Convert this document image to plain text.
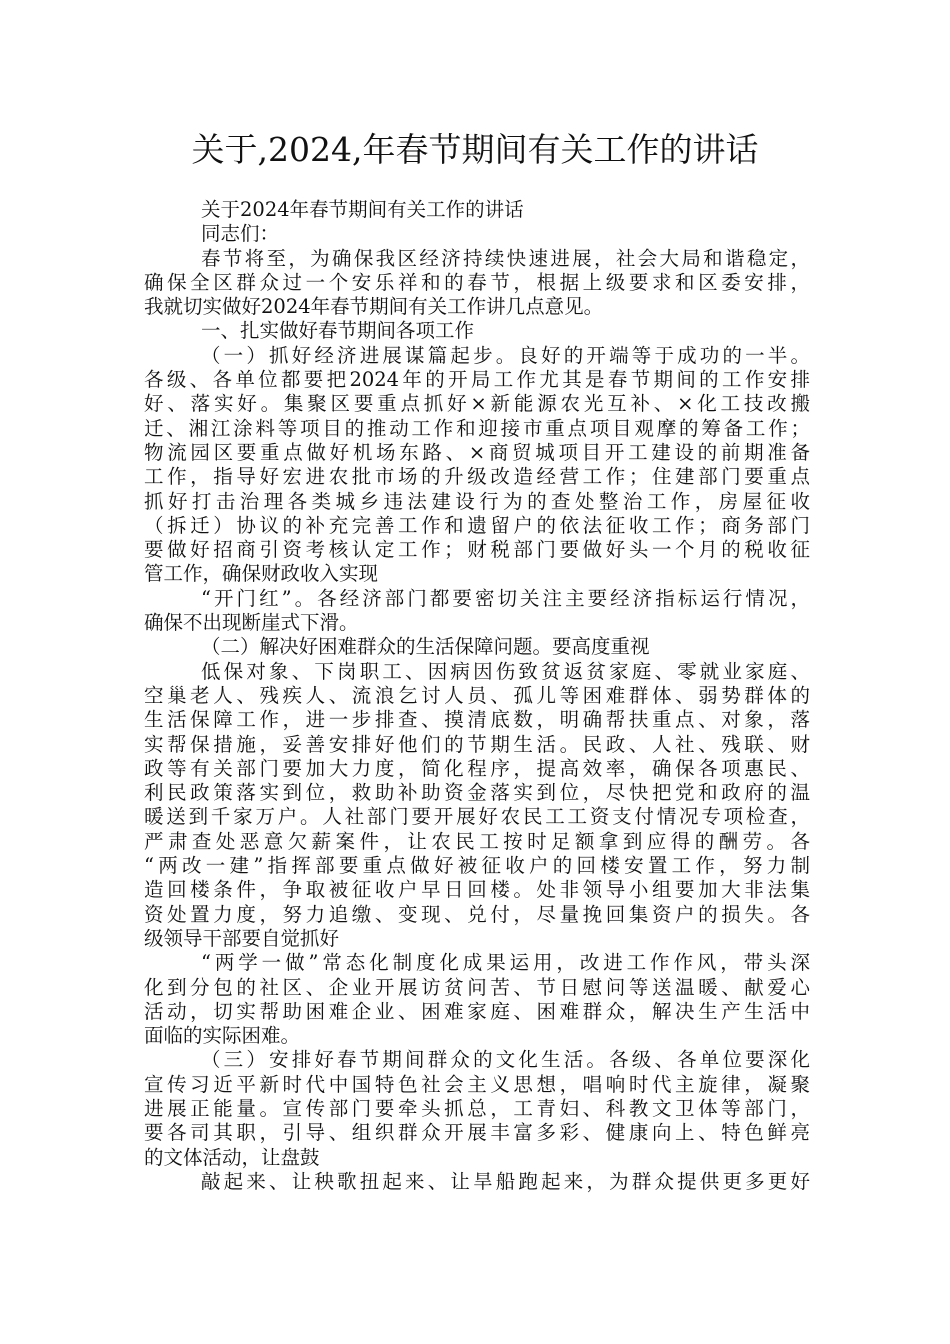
关于,2024,年春节期间有关工作的讲话
关于2024年春节期间有关工作的讲话
同志们：
春节将至，为确保我区经济持续快速进展，社会大局和谐稳定，
确保全区群众过一个安乐祥和的春节，根据上级要求和区委安排，
我就切实做好2024年春节期间有关工作讲几点意见。
一、扎实做好春节期间各项工作
（一）抓好经济进展谋篇起步。良好的开端等于成功的一半。
各级、各单位都要把2024年的开局工作尤其是春节期间的工作安排
好、落实好。集聚区要重点抓好×新能源农光互补、×化工技改搬
迁、湘江涂料等项目的推动工作和迎接市重点项目观摩的筹备工作；
物流园区要重点做好机场东路、×商贸城项目开工建设的前期准备
工作，指导好宏进农批市场的升级改造经营工作；住建部门要重点
抓好打击治理各类城乡违法建设行为的查处整治工作，房屋征收
（拆迁）协议的补充完善工作和遗留户的依法征收工作；商务部门
要做好招商引资考核认定工作；财税部门要做好头一个月的税收征
管工作，确保财政收入实现
“开门红”。各经济部门都要密切关注主要经济指标运行情况，
确保不出现断崖式下滑。
（二）解决好困难群众的生活保障问题。要高度重视
低保对象、下岗职工、因病因伤致贫返贫家庭、零就业家庭、
空巢老人、残疾人、流浪乞讨人员、孤儿等困难群体、弱势群体的
生活保障工作，进一步排查、摸清底数，明确帮扶重点、对象，落
实帮保措施，妥善安排好他们的节期生活。民政、人社、残联、财
政等有关部门要加大力度，简化程序，提高效率，确保各项惠民、
利民政策落实到位，救助补助资金落实到位，尽快把党和政府的温
暖送到千家万户。人社部门要开展好农民工工资支付情况专项检查，
严肃查处恶意欠薪案件，让农民工按时足额拿到应得的酬劳。各
“两改一建”指挥部要重点做好被征收户的回楼安置工作，努力制
造回楼条件，争取被征收户早日回楼。处非领导小组要加大非法集
资处置力度，努力追缴、变现、兑付，尽量挽回集资户的损失。各
级领导干部要自觉抓好
“两学一做”常态化制度化成果运用，改进工作作风，带头深
化到分包的社区、企业开展访贫问苦、节日慰问等送温暖、献爱心
活动，切实帮助困难企业、困难家庭、困难群众，解决生产生活中
面临的实际困难。
（三）安排好春节期间群众的文化生活。各级、各单位要深化
宣传习近平新时代中国特色社会主义思想，唱响时代主旋律，凝聚
进展正能量。宣传部门要牵头抓总，工青妇、科教文卫体等部门，
要各司其职，引导、组织群众开展丰富多彩、健康向上、特色鲜亮
的文体活动，让盘鼓
敲起来、让秧歌扭起来、让旱船跑起来，为群众提供更多更好
